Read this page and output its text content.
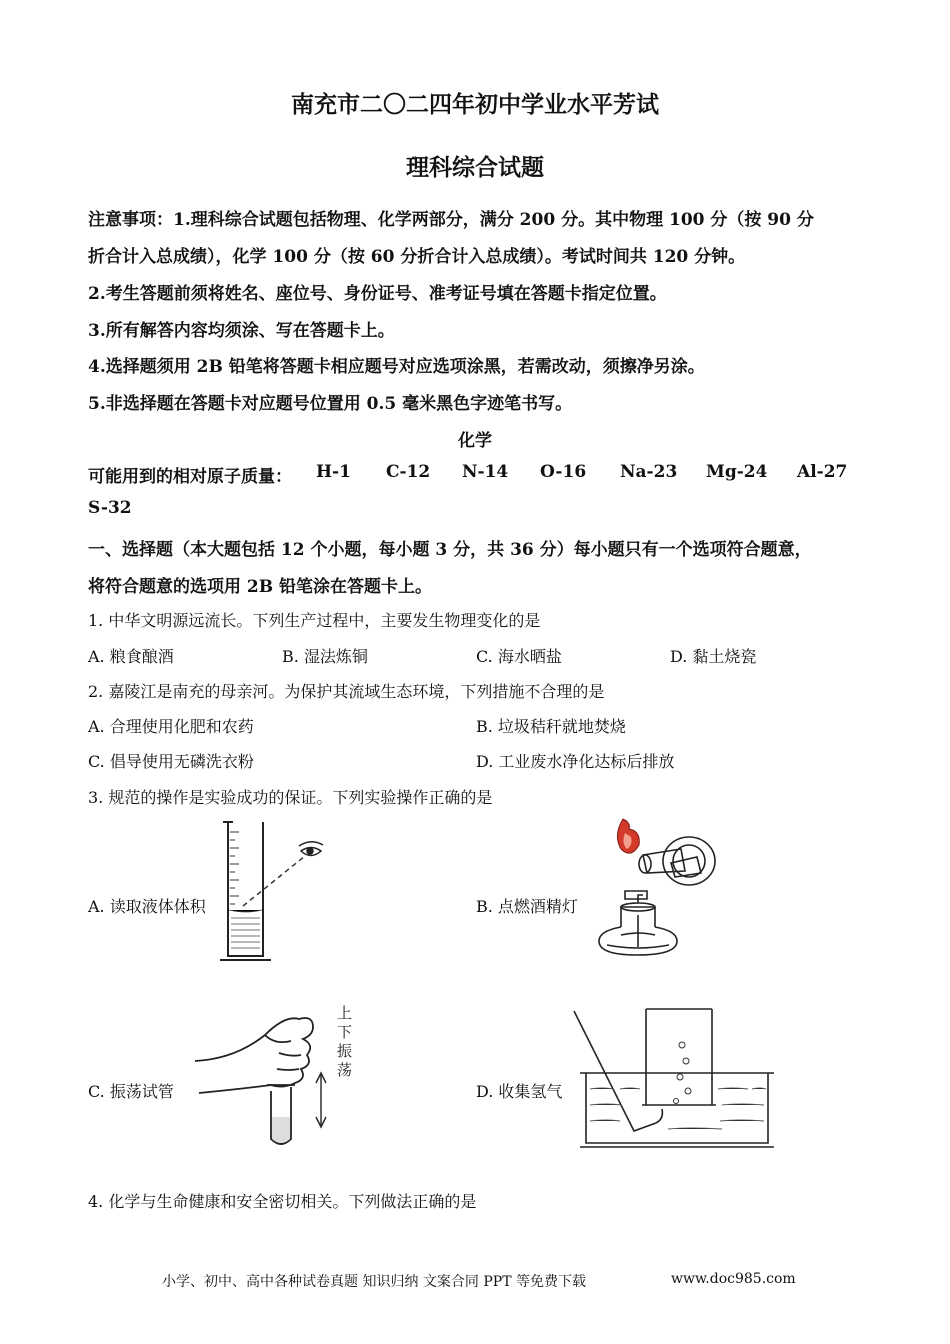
南充市二〇二四年初中学业水平芳试
理科综合试题
注意事项：1.理科综合试题包括物理、化学两部分，满分 200 分。其中物理 100 分（按 90 分
折合计入总成绩），化学 100 分（按 60 分折合计入总成绩）。考试时间共 120 分钟。
2.考生答题前须将姓名、座位号、身份证号、准考证号填在答题卡指定位置。
3.所有解答内容均须涂、写在答题卡上。
4.选择题须用 2B 铅笔将答题卡相应题号对应选项涂黑，若需改动，须擦净另涂。
5.非选择题在答题卡对应题号位置用 0.5 毫米黑色字迹笔书写。
化学
可能用到的相对原子质量： H-1 C-12 N-14 O-16 Na-23 Mg-24 Al-27
S-32
一、选择题（本大题包括 12 个小题，每小题 3 分，共 36 分）每小题只有一个选项符合题意，
将符合题意的选项用 2B 铅笔涂在答题卡上。
1. 中华文明源远流长。下列生产过程中，主要发生物理变化的是
A. 粮食酿酒	B. 湿法炼铜	C. 海水晒盐	D. 黏土烧瓷
2. 嘉陵江是南充的母亲河。为保护其流域生态环境，下列措施不合理的是
A. 合理使用化肥和农药	B. 垃圾秸秆就地焚烧
C. 倡导使用无磷洗衣粉	D. 工业废水净化达标后排放
3. 规范的操作是实验成功的保证。下列实验操作正确的是
A. 读取液体体积	B. 点燃酒精灯
C. 振荡试管	D. 收集氢气
上
下
振
荡
4. 化学与生命健康和安全密切相关。下列做法正确的是
小学、初中、高中各种试卷真题 知识归纳 文案合同 PPT 等免费下载	www.doc985.com
